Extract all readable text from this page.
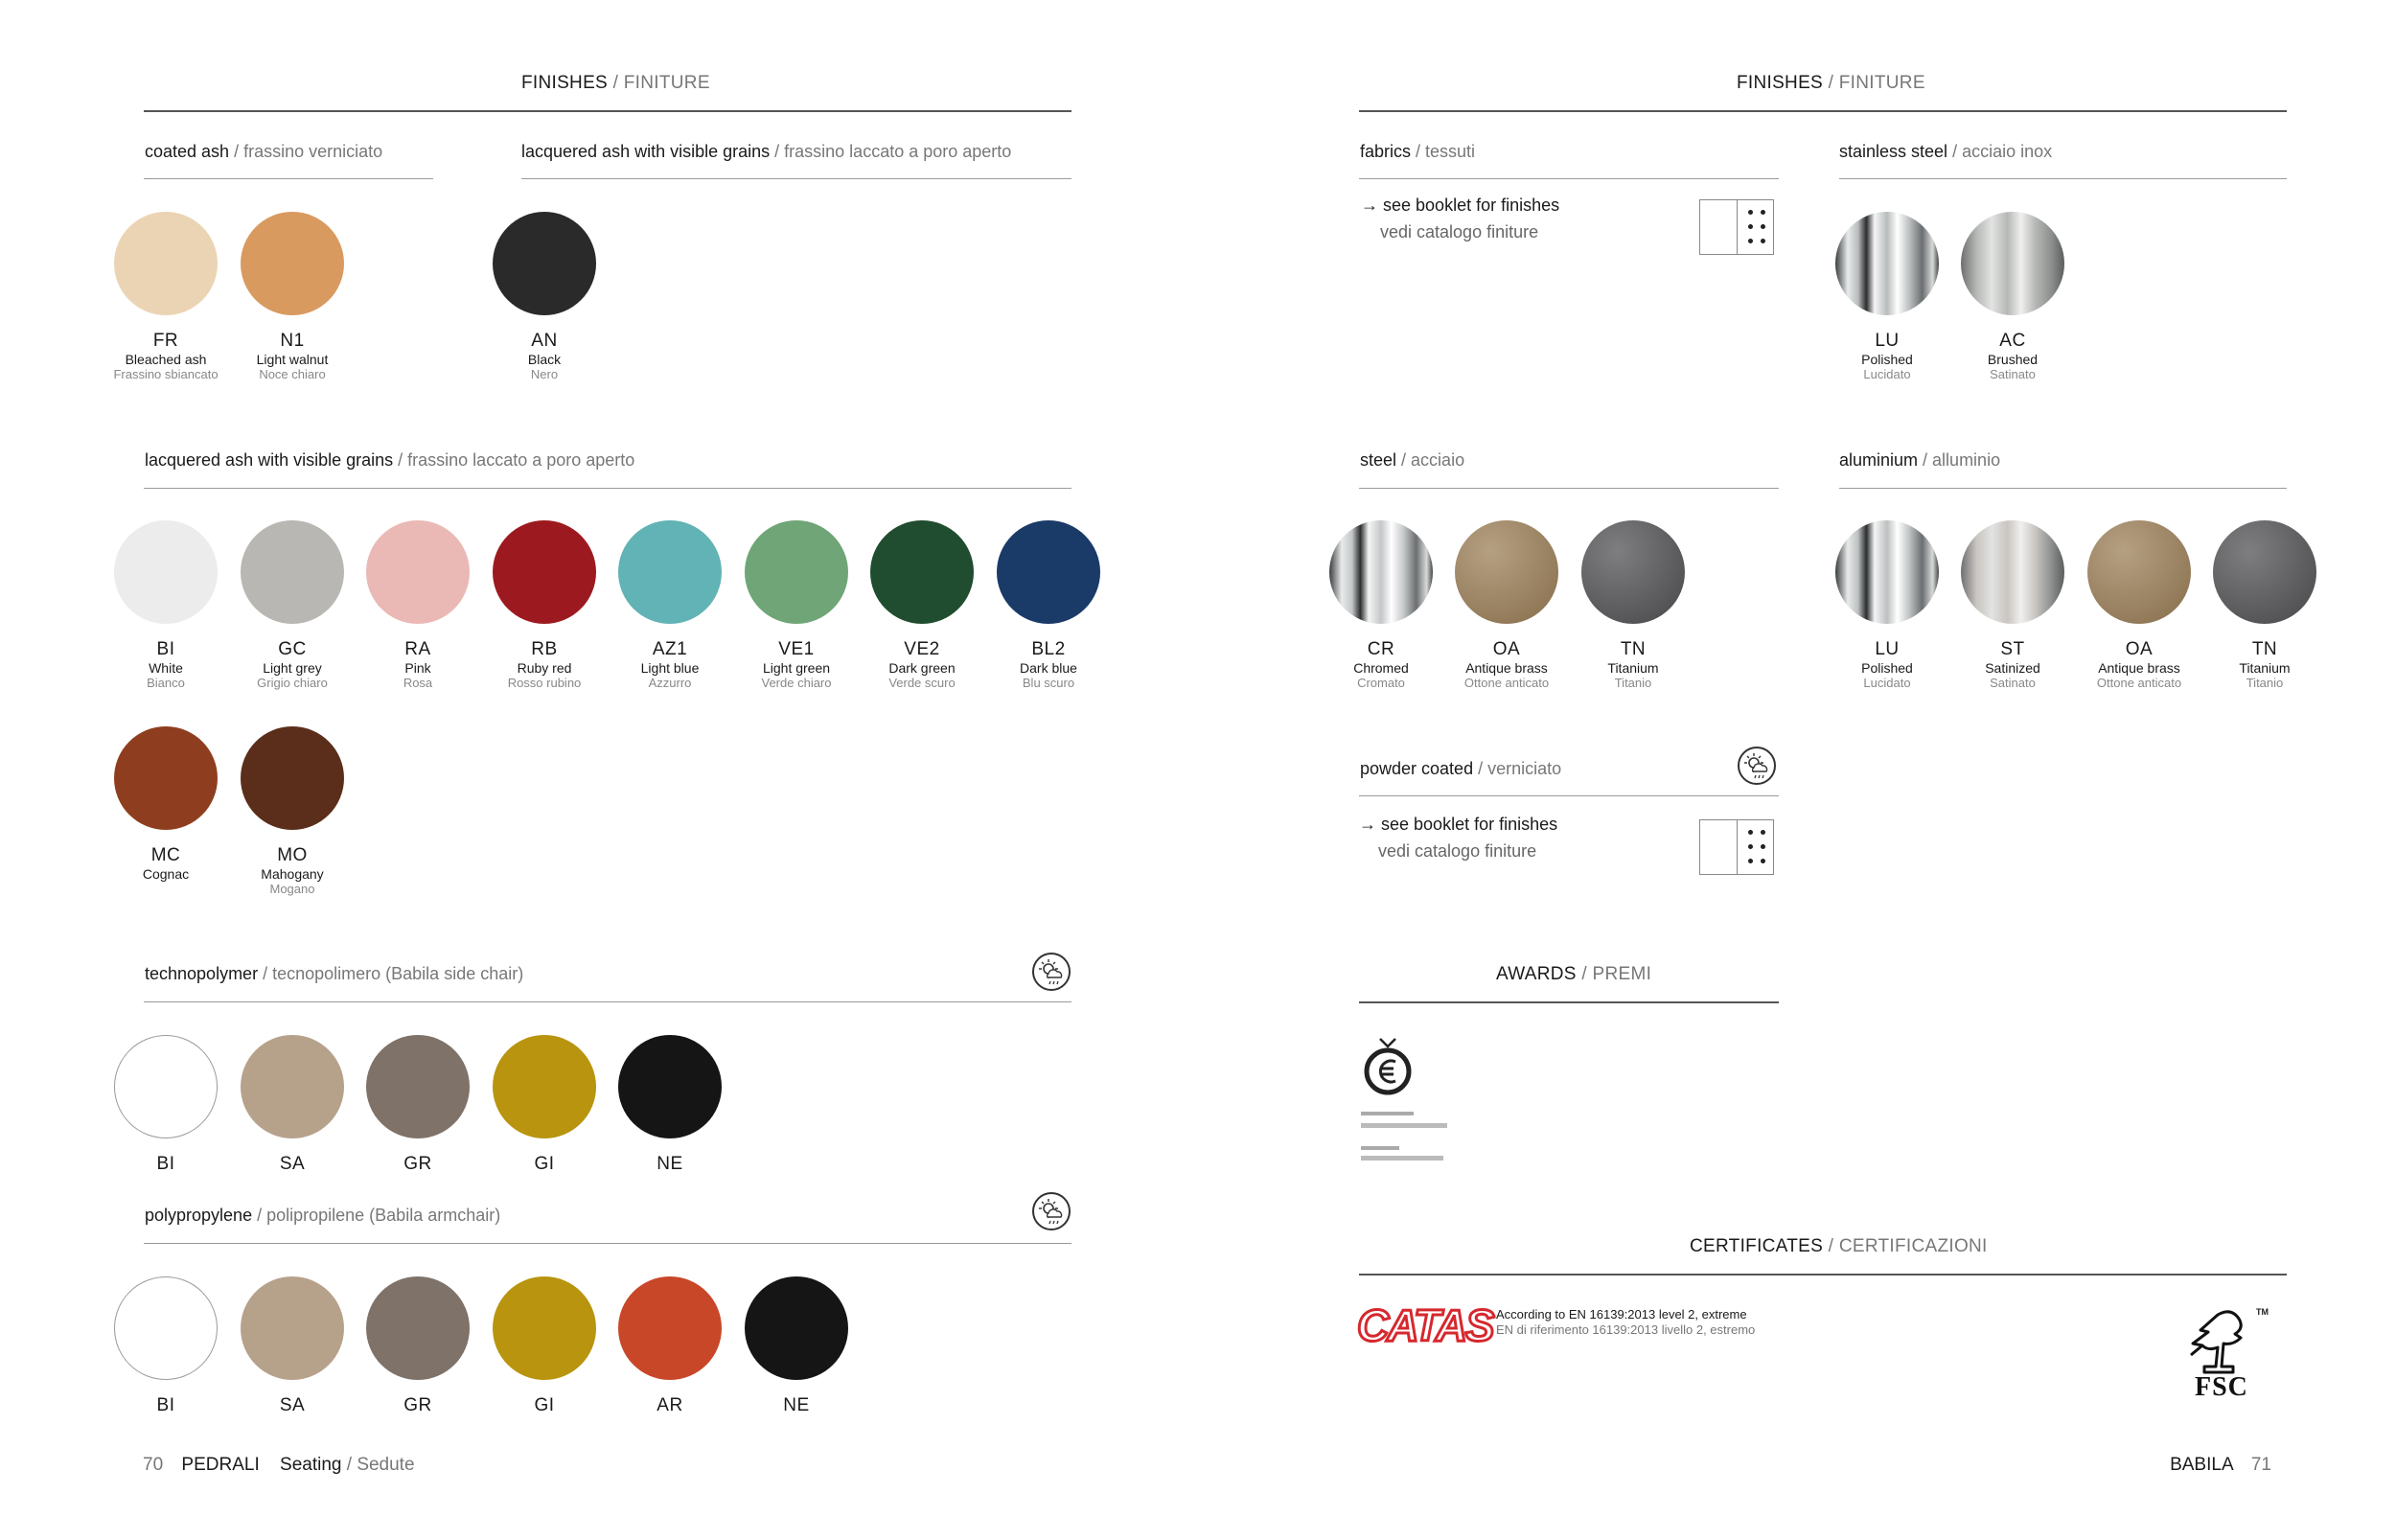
FINISHES / FINITURE
coated ash / frassino verniciato	lacquered ash with visible grains / frassino laccato a poro aperto
FR
Bleached ash
Frassino sbiancato
N1
Light walnut
Noce chiaro
AN
Black
Nero
lacquered ash with visible grains / frassino laccato a poro aperto
BI
White
Bianco
GC
Light grey
Grigio chiaro
RA
Pink
Rosa
RB
Ruby red
Rosso rubino
AZ1
Light blue
Azzurro
VE1
Light green
Verde chiaro
VE2
Dark green
Verde scuro
BL2
Dark blue
Blu scuro
MC
Cognac
MO
Mahogany
Mogano
technopolymer / tecnopolimero (Babila side chair)
BI	SA	GR	GI	NE
polypropylene / polipropilene (Babila armchair)
BI	SA	GR	GI	AR	NE
70 PEDRALI Seating / Sedute
FINISHES / FINITURE
fabrics / tessuti
→ see booklet for finishes
vedi catalogo finiture
stainless steel / acciaio inox
LU
Polished
Lucidato
AC
Brushed
Satinato
steel / acciaio
CR
Chromed
Cromato
OA
Antique brass
Ottone anticato
TN
Titanium
Titanio
aluminium / alluminio
LU
Polished
Lucidato
ST
Satinized
Satinato
OA
Antique brass
Ottone anticato
TN
Titanium
Titanio
powder coated / verniciato
→ see booklet for finishes
vedi catalogo finiture
AWARDS / PREMI
CERTIFICATES / CERTIFICAZIONI
CATAS According to EN 16139:2013 level 2, extreme
EN di riferimento 16139:2013 livello 2, estremo
TM
FSC
BABILA 71
